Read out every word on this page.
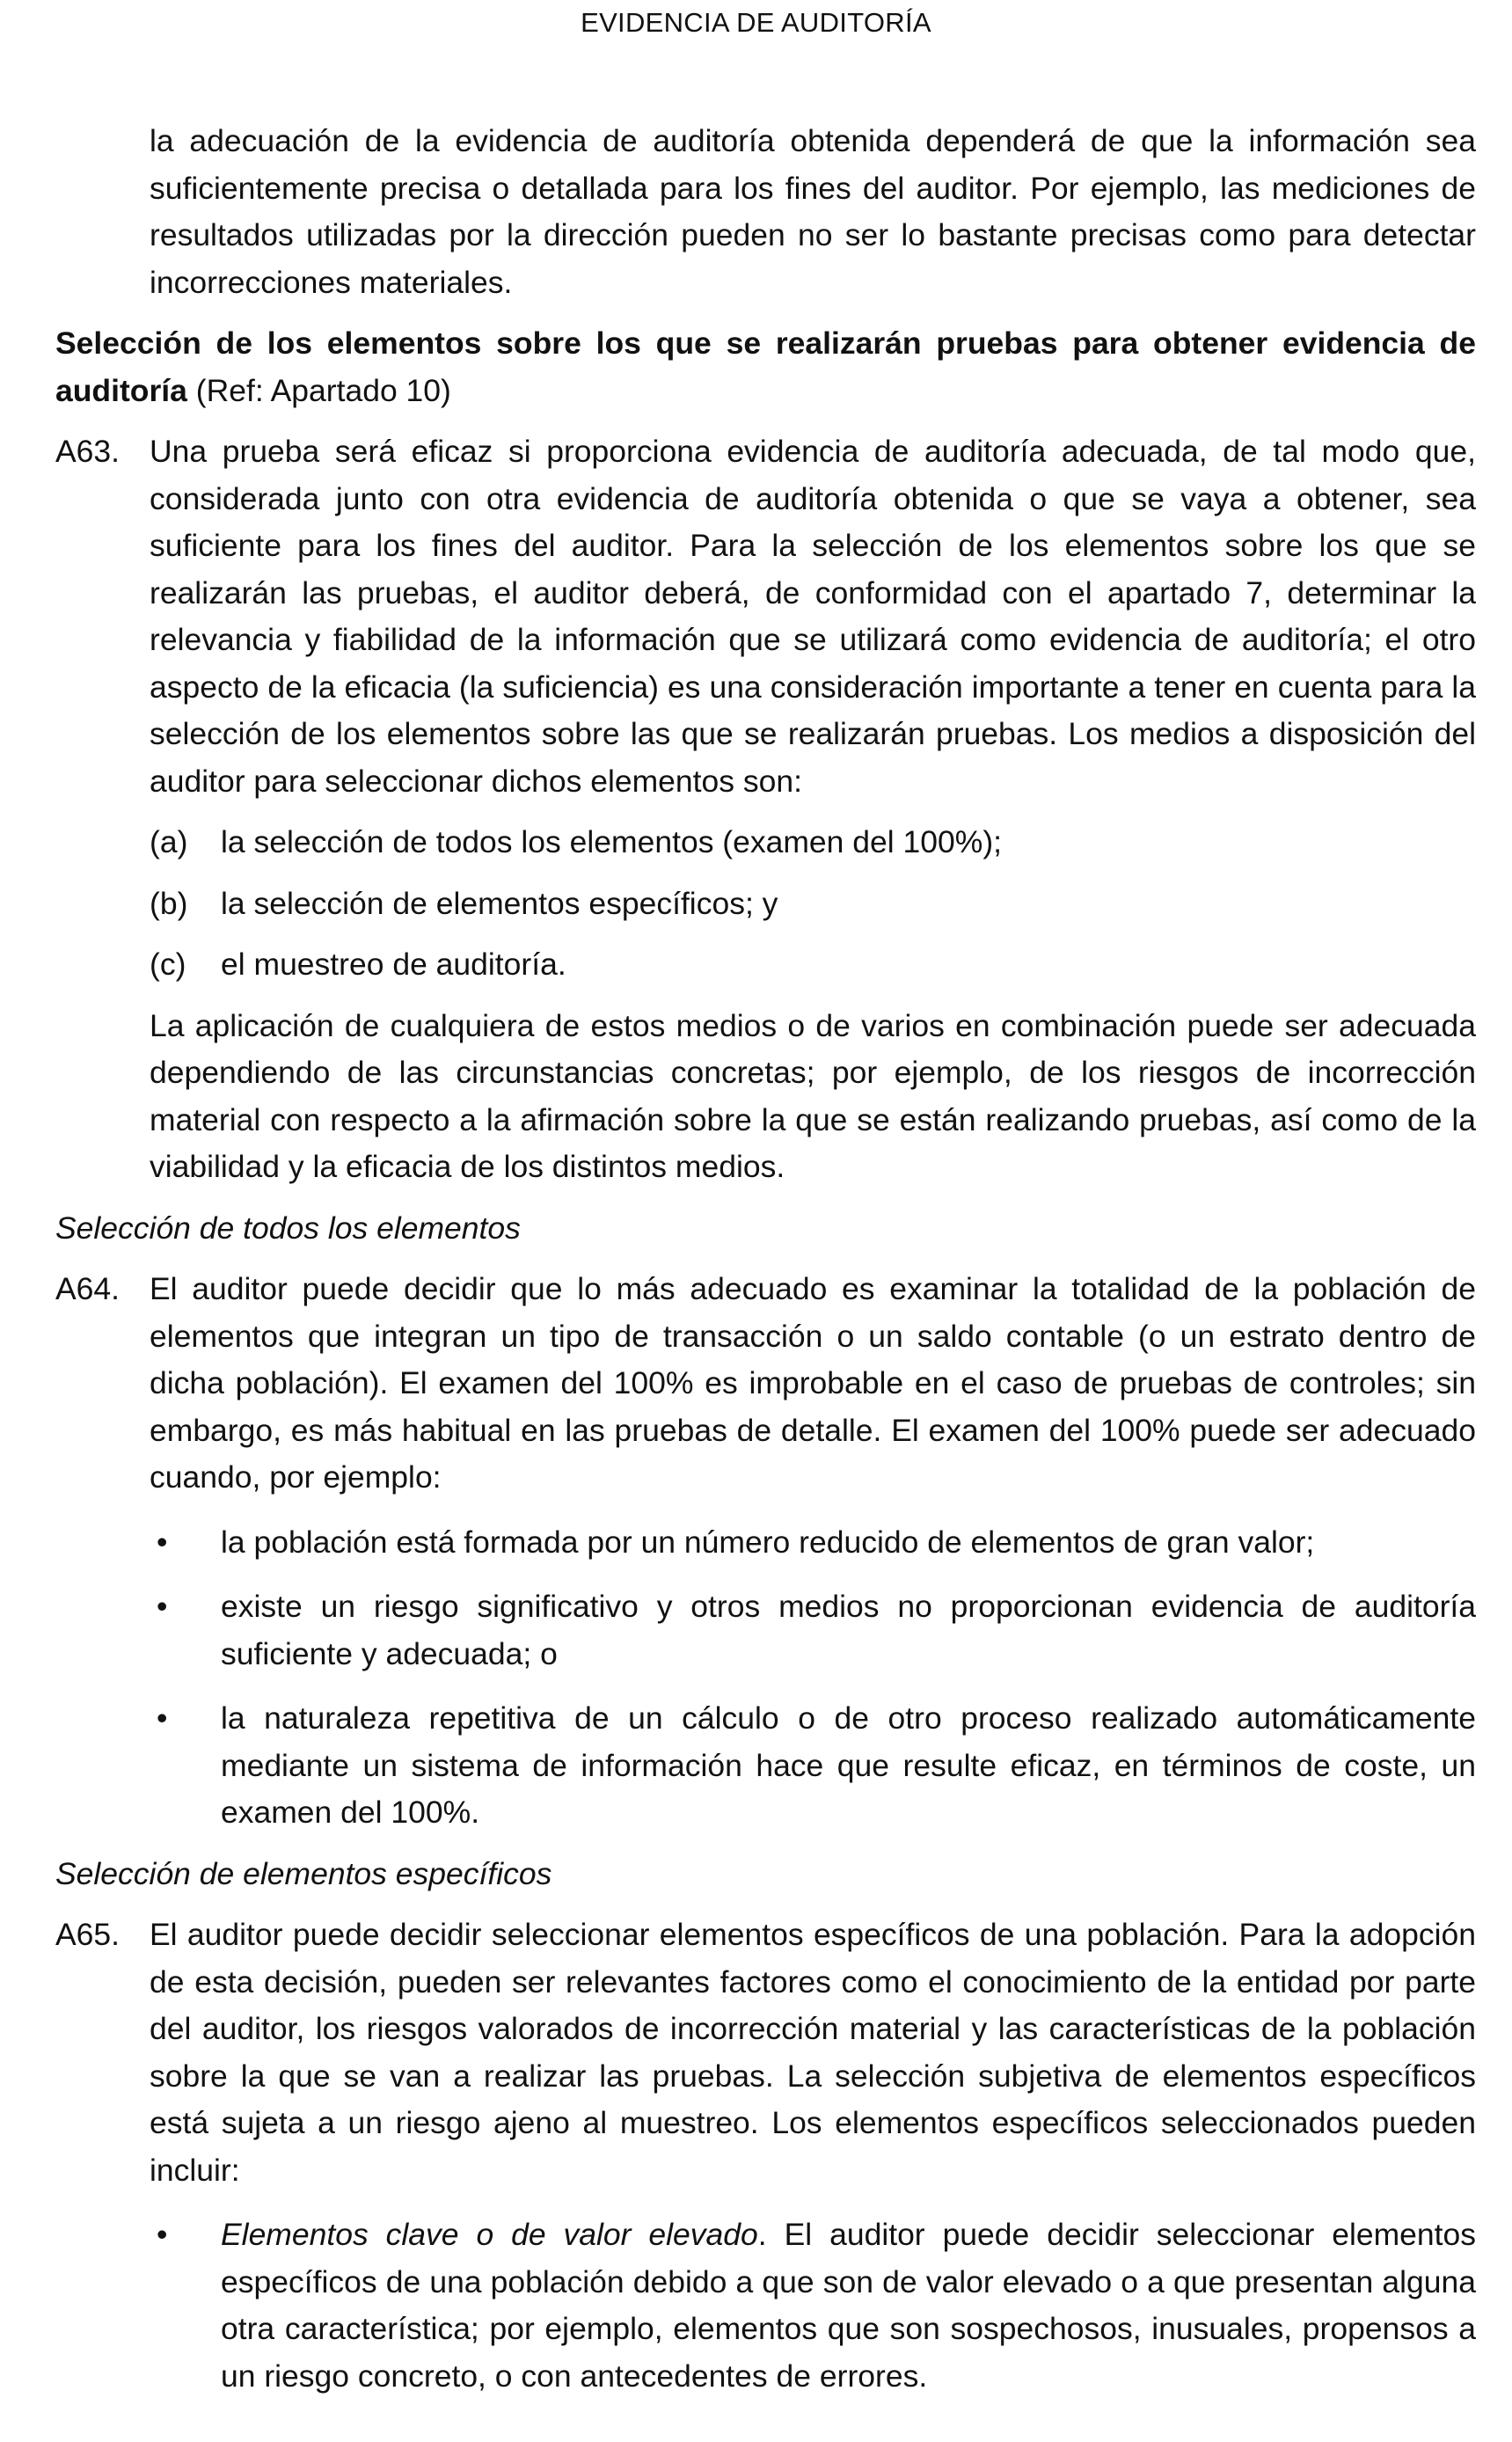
EVIDENCIA DE AUDITORÍA

la adecuación de la evidencia de auditoría obtenida dependerá de que la información sea suficientemente precisa o detallada para los fines del auditor. Por ejemplo, las mediciones de resultados utilizadas por la dirección pueden no ser lo bastante precisas como para detectar incorrecciones materiales.

Selección de los elementos sobre los que se realizarán pruebas para obtener evidencia de auditoría (Ref: Apartado 10)

A63. Una prueba será eficaz si proporciona evidencia de auditoría adecuada, de tal modo que, considerada junto con otra evidencia de auditoría obtenida o que se vaya a obtener, sea suficiente para los fines del auditor. Para la selección de los elementos sobre los que se realizarán las pruebas, el auditor deberá, de conformidad con el apartado 7, determinar la relevancia y fiabilidad de la información que se utilizará como evidencia de auditoría; el otro aspecto de la eficacia (la suficiencia) es una consideración importante a tener en cuenta para la selección de los elementos sobre las que se realizarán pruebas. Los medios a disposición del auditor para seleccionar dichos elementos son:

(a)	la selección de todos los elementos (examen del 100%);
(b)	la selección de elementos específicos; y
(c)	el muestreo de auditoría.

La aplicación de cualquiera de estos medios o de varios en combinación puede ser adecuada dependiendo de las circunstancias concretas; por ejemplo, de los riesgos de incorrección material con respecto a la afirmación sobre la que se están realizando pruebas, así como de la viabilidad y la eficacia de los distintos medios.

Selección de todos los elementos

A64. El auditor puede decidir que lo más adecuado es examinar la totalidad de la población de elementos que integran un tipo de transacción o un saldo contable (o un estrato dentro de dicha población). El examen del 100% es improbable en el caso de pruebas de controles; sin embargo, es más habitual en las pruebas de detalle. El examen del 100% puede ser adecuado cuando, por ejemplo:

•	la población está formada por un número reducido de elementos de gran valor;
•	existe un riesgo significativo y otros medios no proporcionan evidencia de auditoría suficiente y adecuada; o
•	la naturaleza repetitiva de un cálculo o de otro proceso realizado automáticamente mediante un sistema de información hace que resulte eficaz, en términos de coste, un examen del 100%.

Selección de elementos específicos

A65. El auditor puede decidir seleccionar elementos específicos de una población. Para la adopción de esta decisión, pueden ser relevantes factores como el conocimiento de la entidad por parte del auditor, los riesgos valorados de incorrección material y las características de la población sobre la que se van a realizar las pruebas. La selección subjetiva de elementos específicos está sujeta a un riesgo ajeno al muestreo. Los elementos específicos seleccionados pueden incluir:

•	Elementos clave o de valor elevado. El auditor puede decidir seleccionar elementos específicos de una población debido a que son de valor elevado o a que presentan alguna otra característica; por ejemplo, elementos que son sospechosos, inusuales, propensos a un riesgo concreto, o con antecedentes de errores.
